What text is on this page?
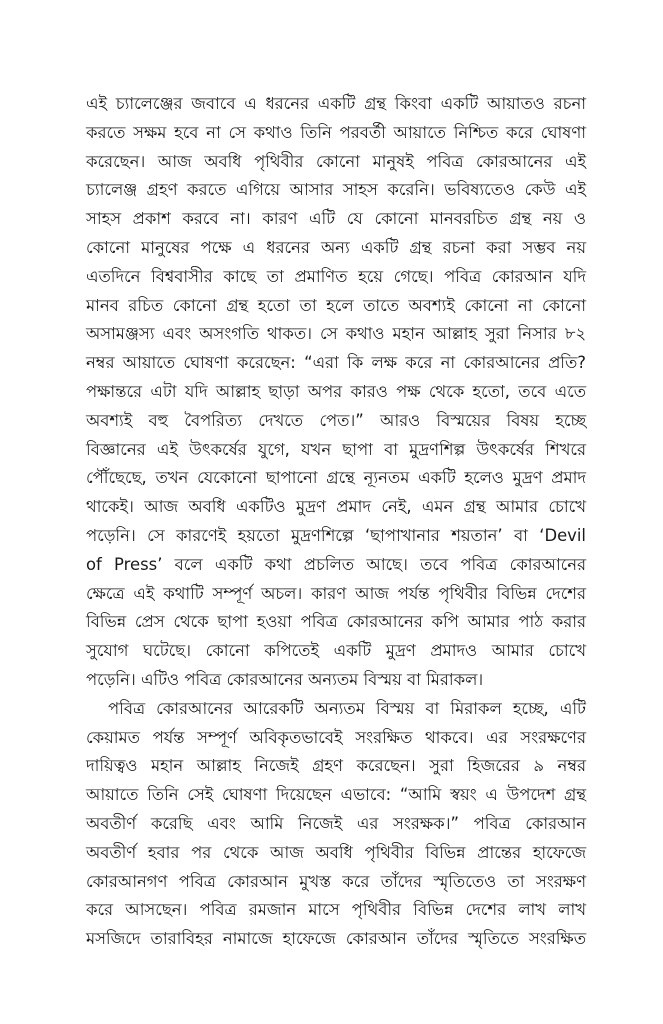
এই চ্যালেঞ্জের জবাবে এ ধরনের একটি গ্রন্থ কিংবা একটি আয়াতও রচনা
করতে সক্ষম হবে না সে কথাও তিনি পরবর্তী আয়াতে নিশ্চিত করে ঘোষণা
করেছেন। আজ অবধি পৃথিবীর কোনো মানুষই পবিত্র কোরআনের এই
চ্যালেঞ্জ গ্রহণ করতে এগিয়ে আসার সাহস করেনি। ভবিষ্যতেও কেউ এই
সাহস প্রকাশ করবে না। কারণ এটি যে কোনো মানবরচিত গ্রন্থ নয় ও
কোনো মানুষের পক্ষে এ ধরনের অন্য একটি গ্রন্থ রচনা করা সম্ভব নয়
এতদিনে বিশ্ববাসীর কাছে তা প্রমাণিত হয়ে গেছে। পবিত্র কোরআন যদি
মানব রচিত কোনো গ্রন্থ হতো তা হলে তাতে অবশ্যই কোনো না কোনো
অসামঞ্জস্য এবং অসংগতি থাকত। সে কথাও মহান আল্লাহ সুরা নিসার ৮২
নম্বর আয়াতে ঘোষণা করেছেন: “এরা কি লক্ষ করে না কোরআনের প্রতি?
পক্ষান্তরে এটা যদি আল্লাহ ছাড়া অপর কারও পক্ষ থেকে হতো, তবে এতে
অবশ্যই বহু বৈপরিত্য দেখতে পেত।” আরও বিস্ময়ের বিষয় হচ্ছে
বিজ্ঞানের এই উৎকর্ষের যুগে, যখন ছাপা বা মুদ্রণশিল্প উৎকর্ষের শিখরে
পৌঁছেছে, তখন যেকোনো ছাপানো গ্রন্থে ন্যূনতম একটি হলেও মুদ্রণ প্রমাদ
থাকেই। আজ অবধি একটিও মুদ্রণ প্রমাদ নেই, এমন গ্রন্থ আমার চোখে
পড়েনি। সে কারণেই হয়তো মুদ্রণশিল্পে ‘ছাপাখানার শয়তান’ বা ‘Devil
of Press’ বলে একটি কথা প্রচলিত আছে। তবে পবিত্র কোরআনের
ক্ষেত্রে এই কথাটি সম্পূর্ণ অচল। কারণ আজ পর্যন্ত পৃথিবীর বিভিন্ন দেশের
বিভিন্ন প্রেস থেকে ছাপা হওয়া পবিত্র কোরআনের কপি আমার পাঠ করার
সুযোগ ঘটেছে। কোনো কপিতেই একটি মুদ্রণ প্রমাদও আমার চোখে
পড়েনি। এটিও পবিত্র কোরআনের অন্যতম বিস্ময় বা মিরাকল।
পবিত্র কোরআনের আরেকটি অন্যতম বিস্ময় বা মিরাকল হচ্ছে, এটি
কেয়ামত পর্যন্ত সম্পূর্ণ অবিকৃতভাবেই সংরক্ষিত থাকবে। এর সংরক্ষণের
দায়িত্বও মহান আল্লাহ নিজেই গ্রহণ করেছেন। সুরা হিজরের ৯ নম্বর
আয়াতে তিনি সেই ঘোষণা দিয়েছেন এভাবে: “আমি স্বয়ং এ উপদেশ গ্রন্থ
অবতীর্ণ করেছি এবং আমি নিজেই এর সংরক্ষক।” পবিত্র কোরআন
অবতীর্ণ হবার পর থেকে আজ অবধি পৃথিবীর বিভিন্ন প্রান্তের হাফেজে
কোরআনগণ পবিত্র কোরআন মুখস্ত করে তাঁদের স্মৃতিতেও তা সংরক্ষণ
করে আসছেন। পবিত্র রমজান মাসে পৃথিবীর বিভিন্ন দেশের লাখ লাখ
মসজিদে তারাবিহর নামাজে হাফেজে কোরআন তাঁদের স্মৃতিতে সংরক্ষিত
